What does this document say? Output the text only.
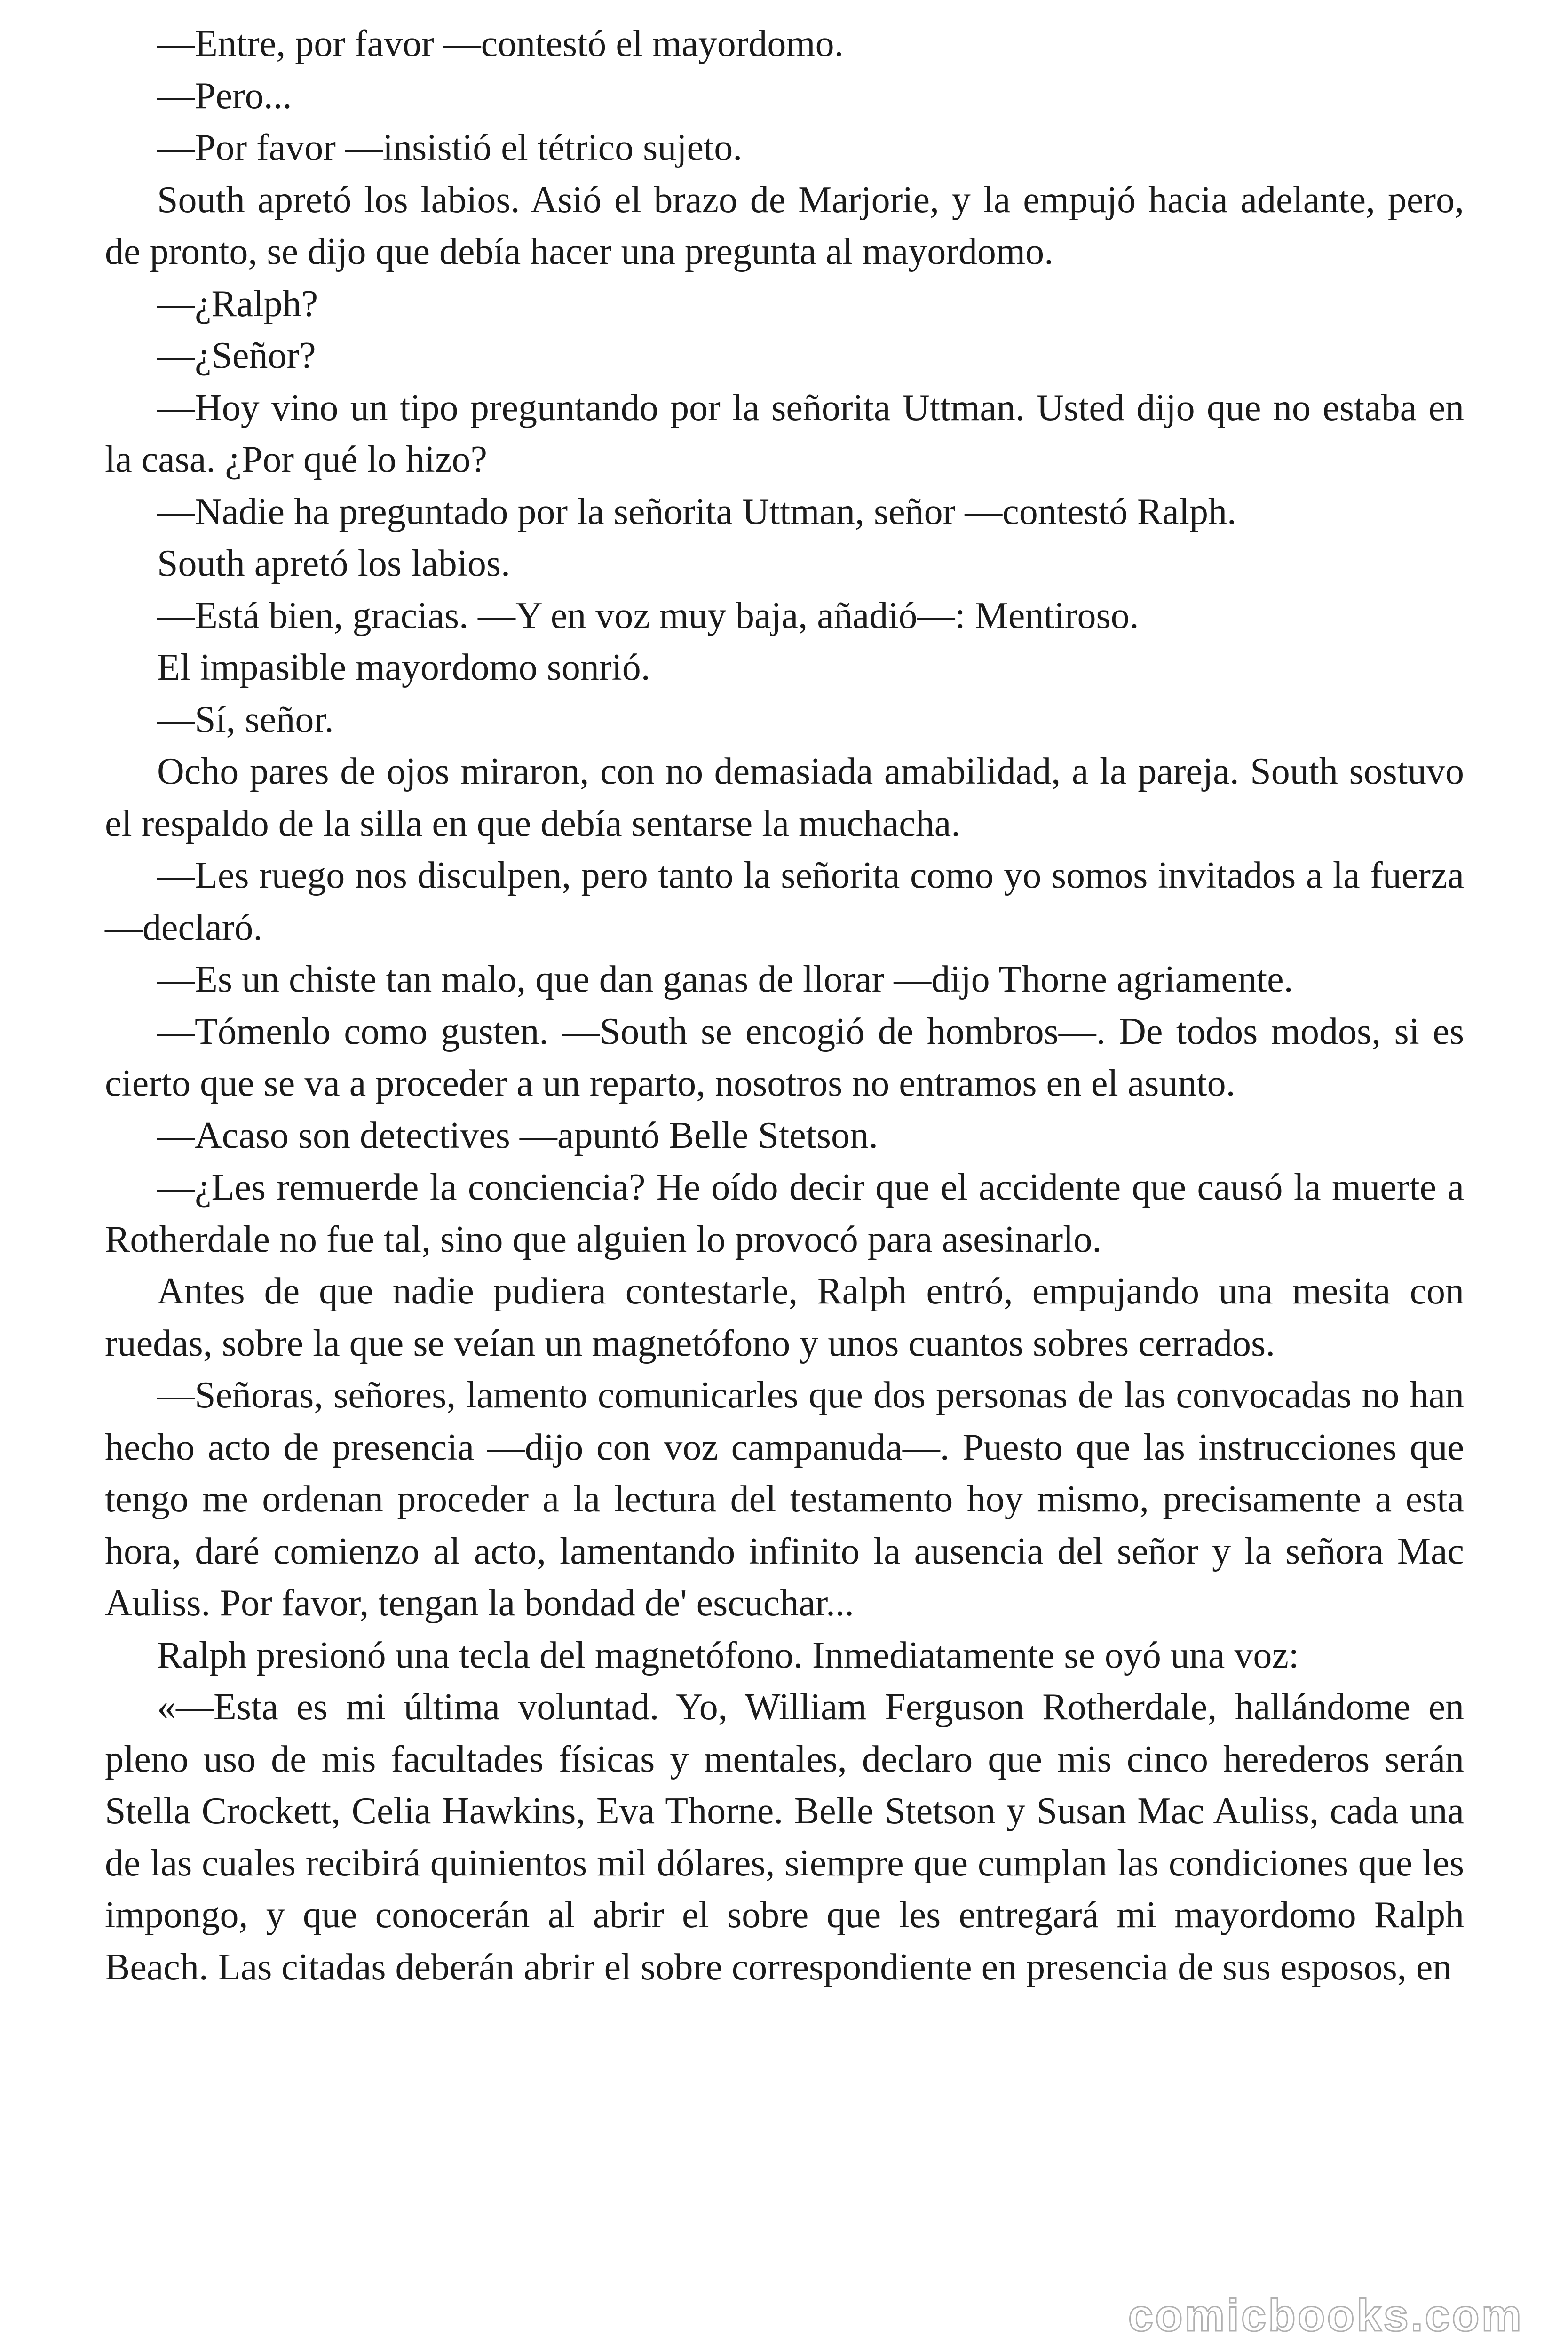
—Entre, por favor —contestó el mayordomo.

—Pero...

—Por favor —insistió el tétrico sujeto.

South apretó los labios. Asió el brazo de Marjorie, y la empujó hacia adelante, pero, de pronto, se dijo que debía hacer una pregunta al mayordomo.

—¿Ralph?

—¿Señor?

—Hoy vino un tipo preguntando por la señorita Uttman. Usted dijo que no estaba en la casa. ¿Por qué lo hizo?

—Nadie ha preguntado por la señorita Uttman, señor —contestó Ralph.

South apretó los labios.

—Está bien, gracias. —Y en voz muy baja, añadió—: Mentiroso.

El impasible mayordomo sonrió.

—Sí, señor.

Ocho pares de ojos miraron, con no demasiada amabilidad, a la pareja. South sostuvo el respaldo de la silla en que debía sentarse la muchacha.

—Les ruego nos disculpen, pero tanto la señorita como yo somos invitados a la fuerza —declaró.

—Es un chiste tan malo, que dan ganas de llorar —dijo Thorne agriamente.

—Tómenlo como gusten. —South se encogió de hombros—. De todos modos, si es cierto que se va a proceder a un reparto, nosotros no entramos en el asunto.

—Acaso son detectives —apuntó Belle Stetson.

—¿Les remuerde la conciencia? He oído decir que el accidente que causó la muerte a Rotherdale no fue tal, sino que alguien lo provocó para asesinarlo.

Antes de que nadie pudiera contestarle, Ralph entró, empujando una mesita con ruedas, sobre la que se veían un magnetófono y unos cuantos sobres cerrados.

—Señoras, señores, lamento comunicarles que dos personas de las convocadas no han hecho acto de presencia —dijo con voz campanuda—. Puesto que las instrucciones que tengo me ordenan proceder a la lectura del testamento hoy mismo, precisamente a esta hora, daré comienzo al acto, lamentando infinito la ausencia del señor y la señora Mac Auliss. Por favor, tengan la bondad de' escuchar...

Ralph presionó una tecla del magnetófono. Inmediatamente se oyó una voz:

«—Esta es mi última voluntad. Yo, William Ferguson Rotherdale, hallándome en pleno uso de mis facultades físicas y mentales, declaro que mis cinco herederos serán Stella Crockett, Celia Hawkins, Eva Thorne. Belle Stetson y Susan Mac Auliss, cada una de las cuales recibirá quinientos mil dólares, siempre que cumplan las condiciones que les impongo, y que conocerán al abrir el sobre que les entregará mi mayordomo Ralph Beach. Las citadas deberán abrir el sobre correspondiente en presencia de sus esposos, en

comicbooks.com
